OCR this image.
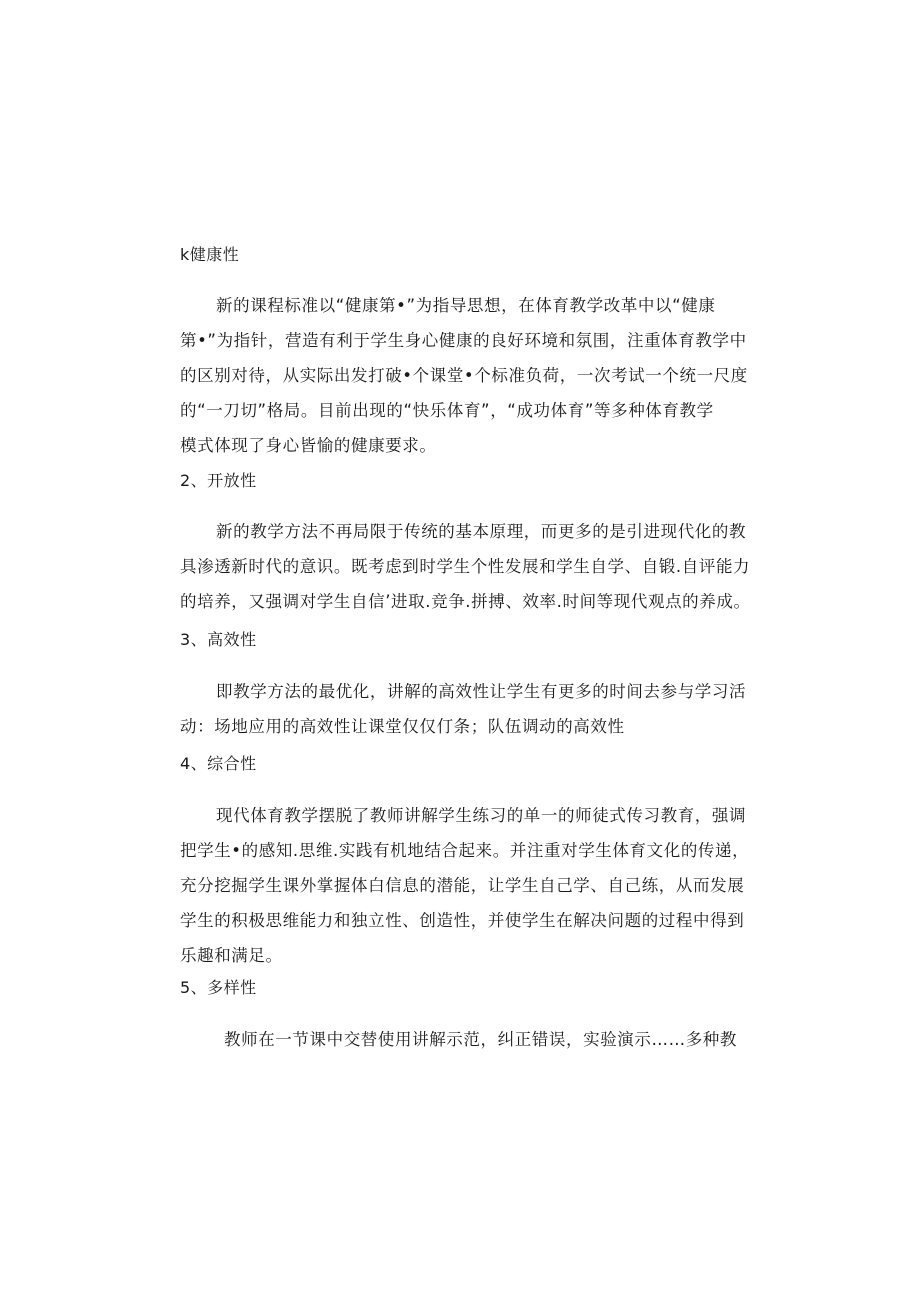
k健康性
新的课程标准以“健康第•”为指导思想，在体育教学改革中以“健康
第•”为指针，营造有利于学生身心健康的良好环境和氛围，注重体育教学中
的区别对待，从实际出发打破•个课堂•个标准负荷，一次考试一个统一尺度
的“一刀切”格局。目前出现的“快乐体育”，“成功体育”等多种体育教学
模式体现了身心皆愉的健康要求。
2、开放性
新的教学方法不再局限于传统的基本原理，而更多的是引进现代化的教
具渗透新时代的意识。既考虑到时学生个性发展和学生自学、自锻.自评能力
的培养，又强调对学生自信’进取.竞争.拼搏、效率.时间等现代观点的养成。
3、高效性
即教学方法的最优化，讲解的高效性让学生有更多的时间去参与学习活
动：场地应用的高效性让课堂仅仅仃条；队伍调动的高效性
4、综合性
现代体育教学摆脱了教师讲解学生练习的单一的师徒式传习教育，强调
把学生•的感知.思维.实践有机地结合起来。并注重对学生体育文化的传递，
充分挖掘学生课外掌握体白信息的潜能，让学生自己学、自己练，从而发展
学生的积极思维能力和独立性、创造性，并使学生在解决问题的过程中得到
乐趣和满足。
5、多样性
教师在一节课中交替使用讲解示范，纠正错误，实验演示……多种教
